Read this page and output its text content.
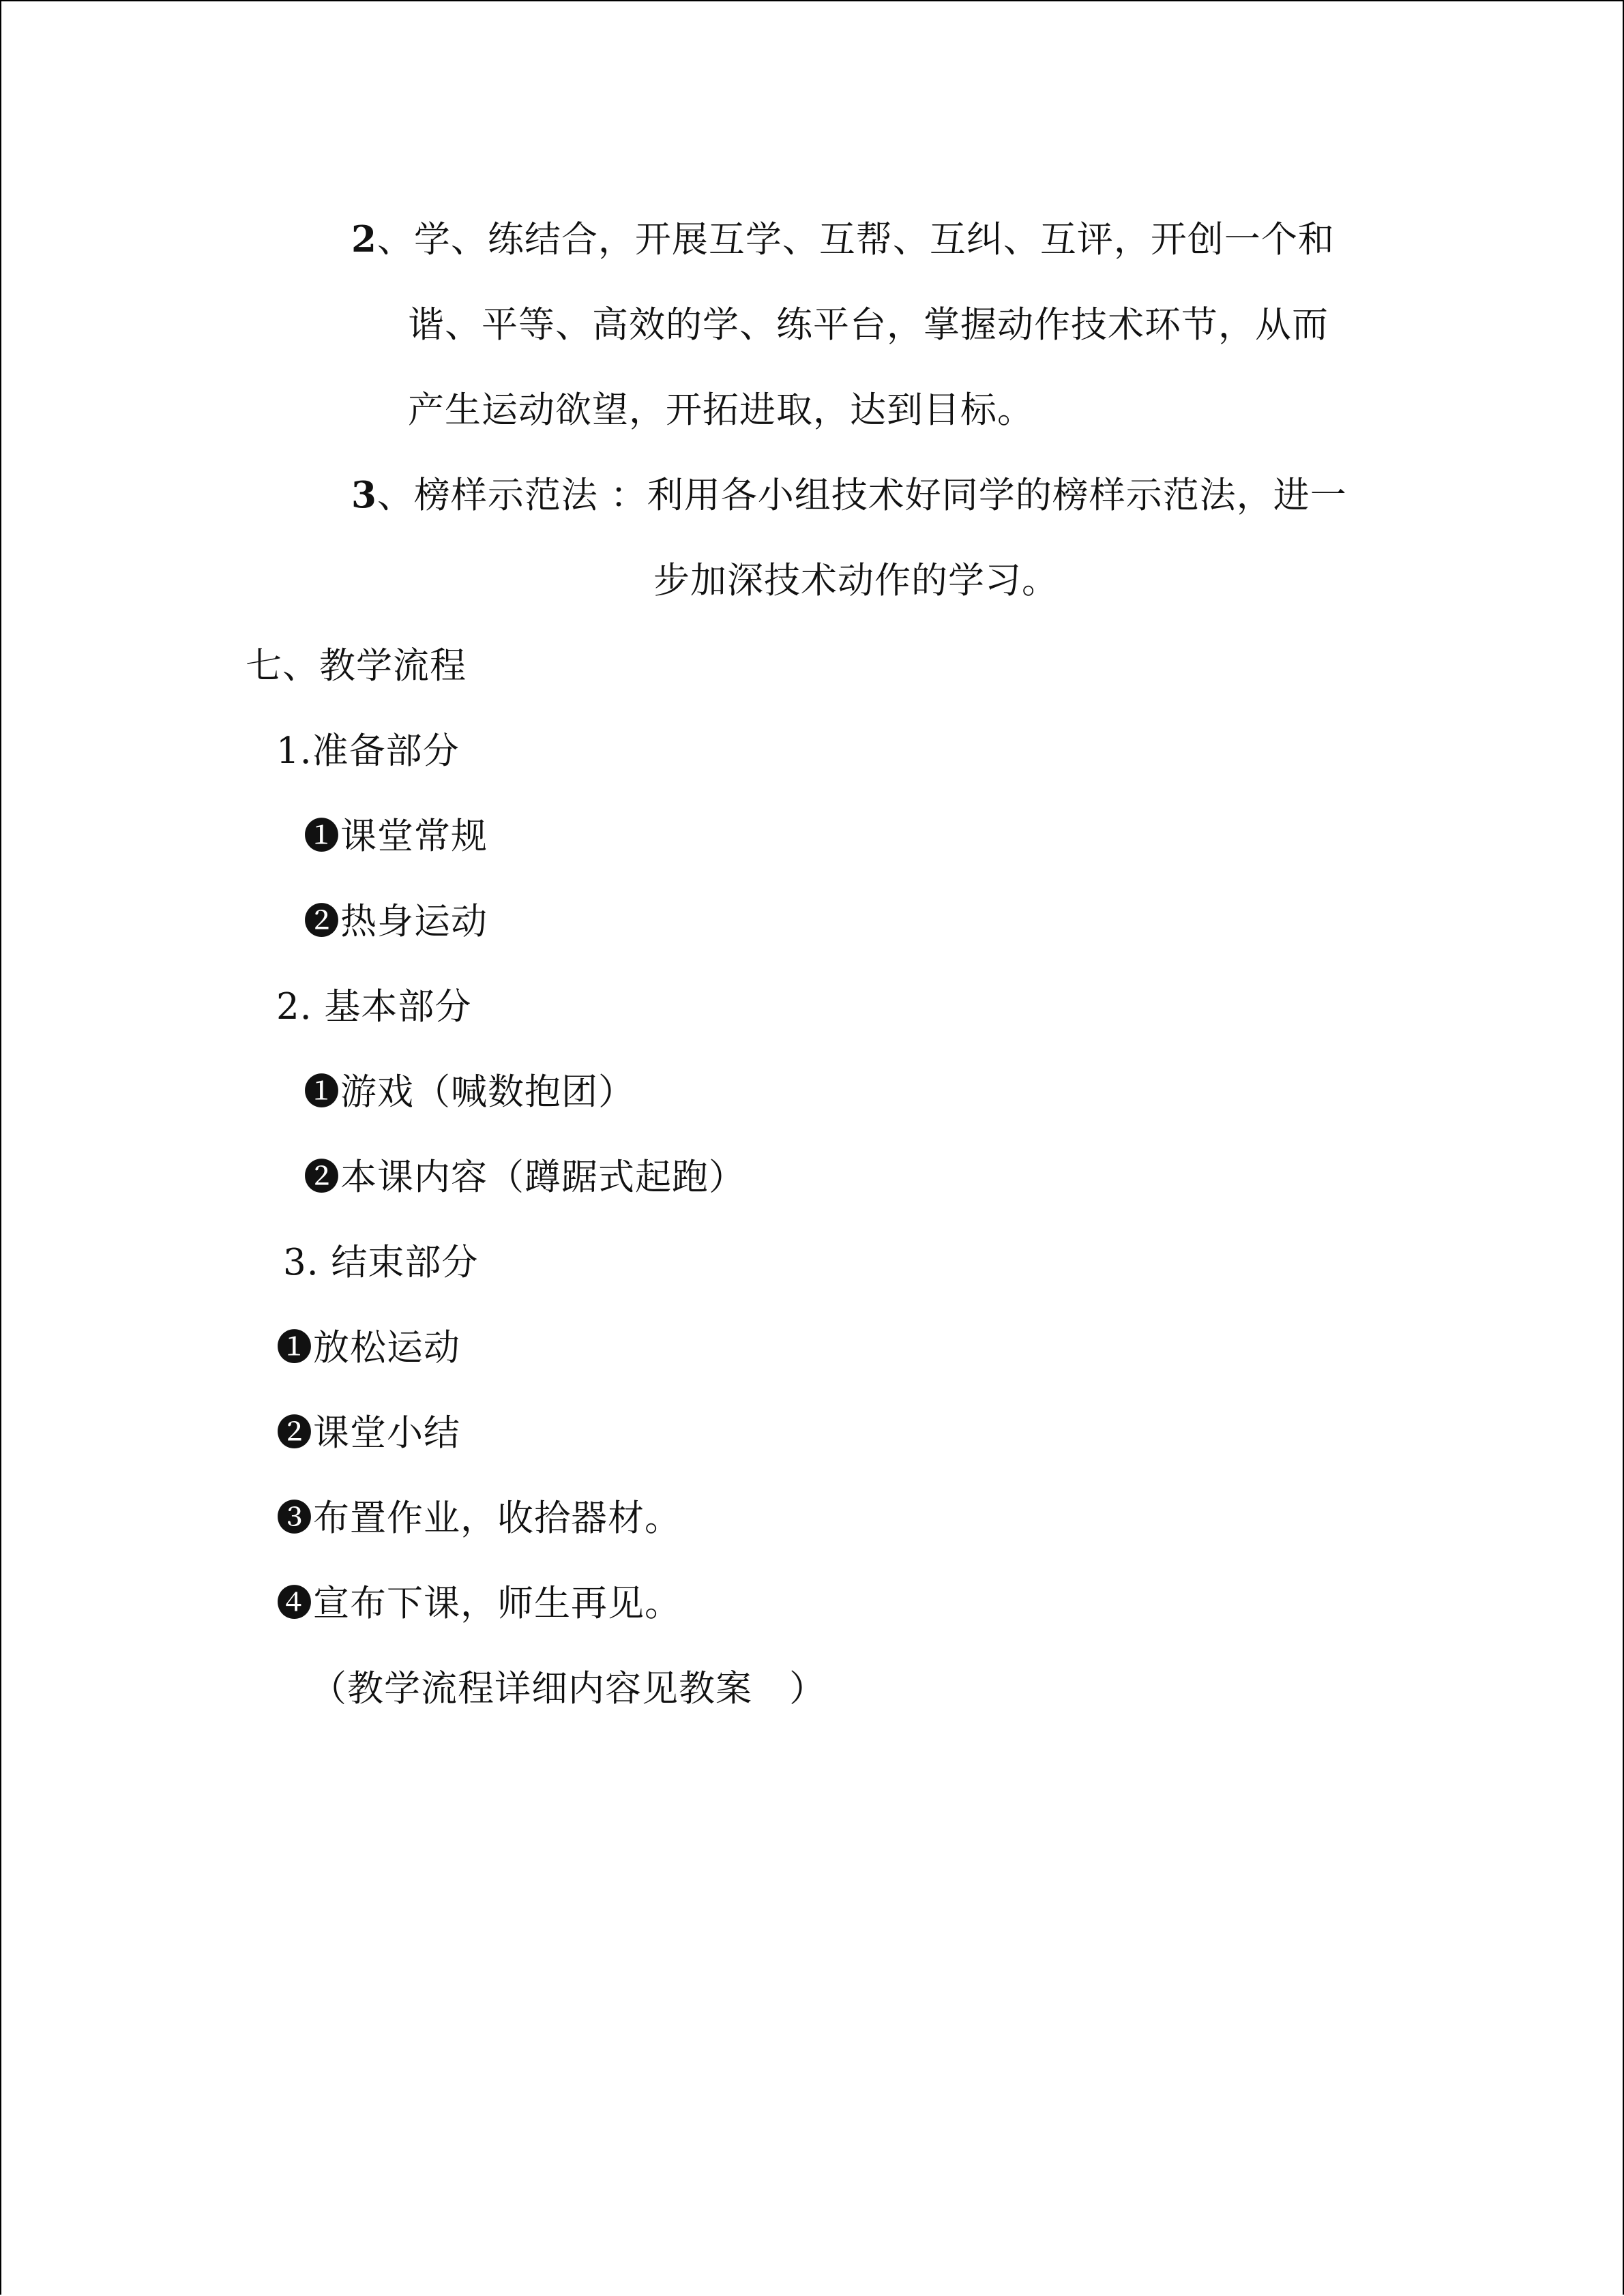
2、学、练结合，开展互学、互帮、互纠、互评，开创一个和
谐、平等、高效的学、练平台，掌握动作技术环节，从而
产生运动欲望，开拓进取，达到目标。
3、榜样示范法 ：利用各小组技术好同学的榜样示范法，进一
步加深技术动作的学习。
七、教学流程
1.准备部分
❶课堂常规
❷热身运动
2. 基本部分
❶游戏（喊数抱团）
❷本课内容（蹲踞式起跑）
3. 结束部分
❶放松运动
❷课堂小结
❸布置作业，收拾器材。
❹宣布下课，师生再见。
（教学流程详细内容见教案　）
